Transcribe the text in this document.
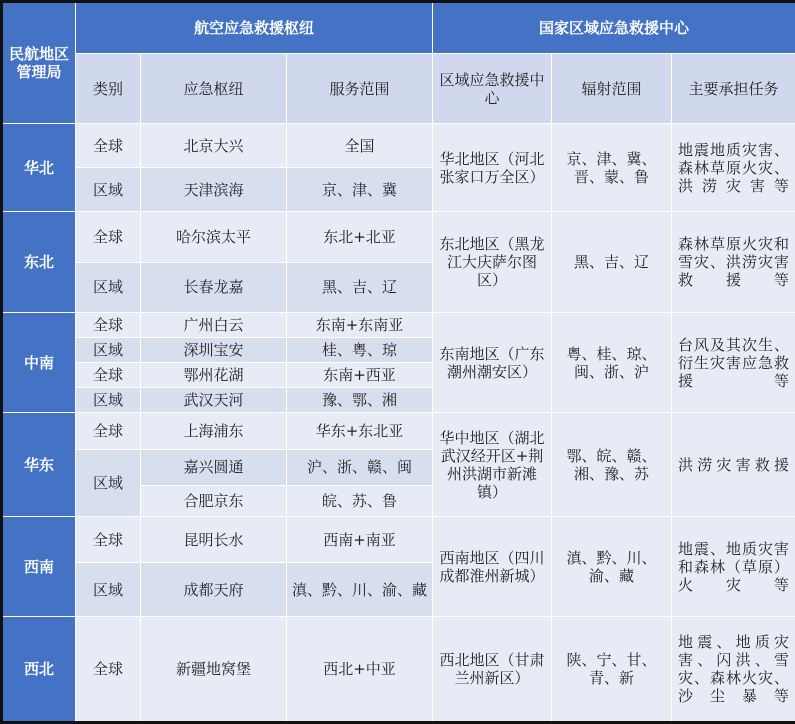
民航地区管理局	航空应急救援枢纽			国家区域应急救援中心		
	类别	应急枢纽	服务范围	区域应急救援中心	辐射范围	主要承担任务
华北	全球	北京大兴	全国	华北地区（河北张家口万全区）	京、津、冀、晋、蒙、鲁	地震地质灾害、森林草原火灾、洪涝灾害等
	区域	天津滨海	京、津、冀			
东北	全球	哈尔滨太平	东北+北亚	东北地区（黑龙江大庆萨尔图区）	黑、吉、辽	森林草原火灾和雪灾、洪涝灾害救援等
	区域	长春龙嘉	黑、吉、辽			
中南	全球	广州白云	东南+东南亚	东南地区（广东潮州潮安区）	粤、桂、琼、闽、浙、沪	台风及其次生、衍生灾害应急救援等
	区域	深圳宝安	桂、粤、琼			
	全球	鄂州花湖	东南+西亚			
	区域	武汉天河	豫、鄂、湘			
华东	全球	上海浦东	华东+东北亚	华中地区（湖北武汉经开区+荆州洪湖市新滩镇）	鄂、皖、赣、湘、豫、苏	洪涝灾害救援
	区域	嘉兴圆通	沪、浙、赣、闽			
		合肥京东	皖、苏、鲁			
西南	全球	昆明长水	西南+南亚	西南地区（四川成都淮州新城）	滇、黔、川、渝、藏	地震、地质灾害和森林（草原）火灾等
	区域	成都天府	滇、黔、川、渝、藏			
西北	全球	新疆地窝堡	西北+中亚	西北地区（甘肃兰州新区）	陕、宁、甘、青、新	地震、地质灾害、闪洪、雪灾、森林火灾、沙尘暴等
